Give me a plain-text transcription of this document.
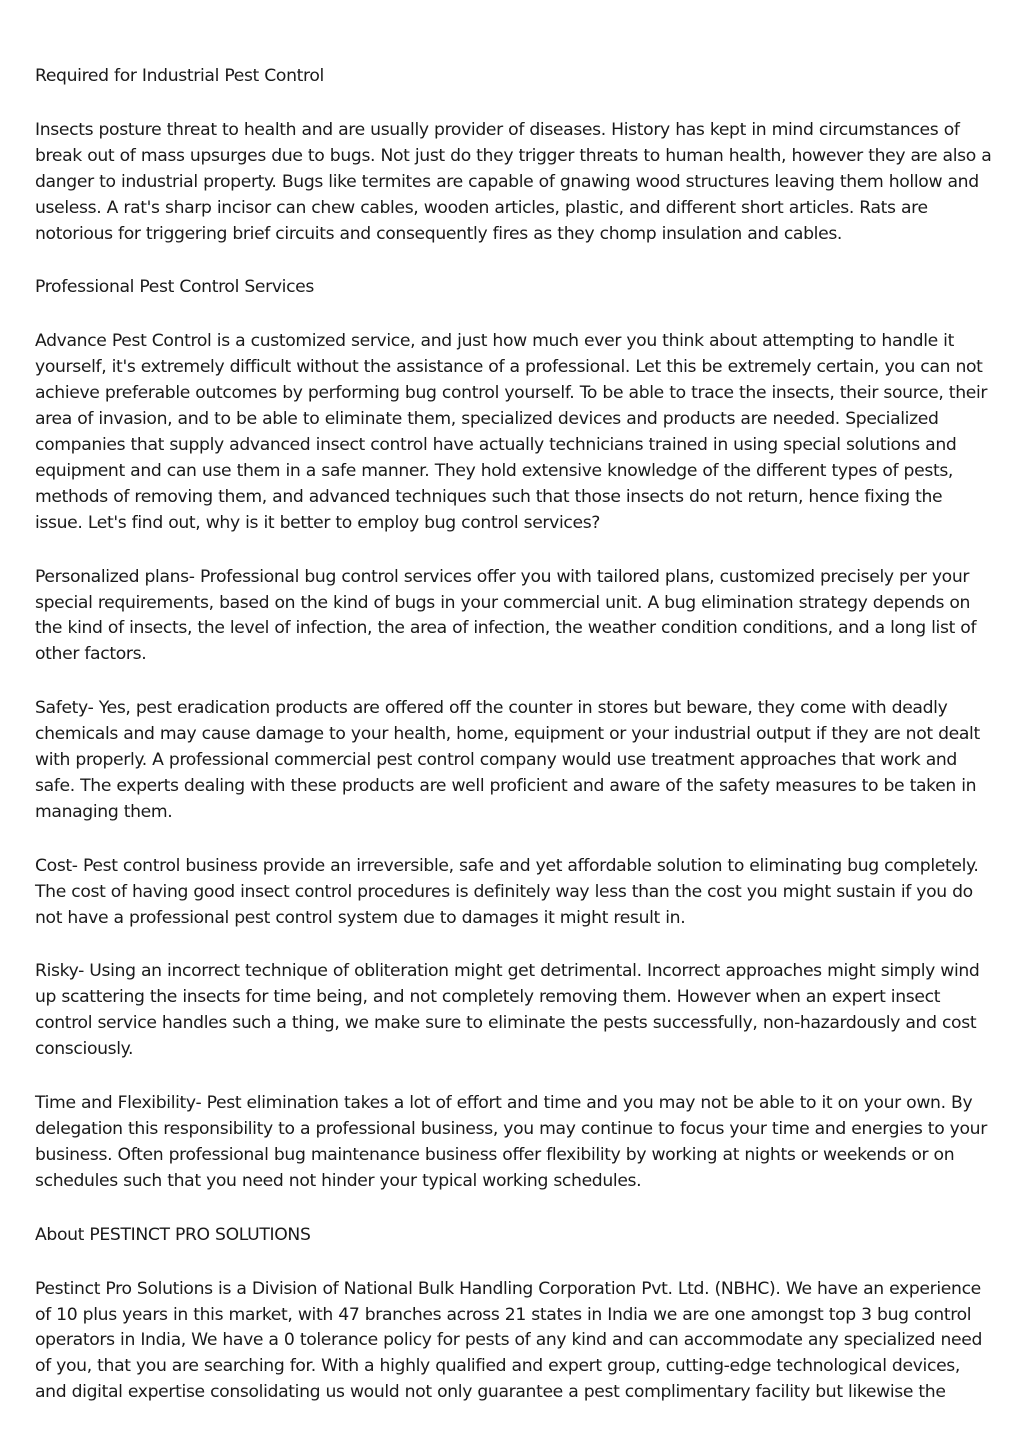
Required for Industrial Pest Control

Insects posture threat to health and are usually provider of diseases. History has kept in mind circumstances of break out of mass upsurges due to bugs. Not just do they trigger threats to human health, however they are also a danger to industrial property. Bugs like termites are capable of gnawing wood structures leaving them hollow and useless. A rat's sharp incisor can chew cables, wooden articles, plastic, and different short articles. Rats are notorious for triggering brief circuits and consequently fires as they chomp insulation and cables.

Professional Pest Control Services

Advance Pest Control is a customized service, and just how much ever you think about attempting to handle it yourself, it's extremely difficult without the assistance of a professional. Let this be extremely certain, you can not achieve preferable outcomes by performing bug control yourself. To be able to trace the insects, their source, their area of invasion, and to be able to eliminate them, specialized devices and products are needed. Specialized companies that supply advanced insect control have actually technicians trained in using special solutions and equipment and can use them in a safe manner. They hold extensive knowledge of the different types of pests, methods of removing them, and advanced techniques such that those insects do not return, hence fixing the issue. Let's find out, why is it better to employ bug control services?

Personalized plans- Professional bug control services offer you with tailored plans, customized precisely per your special requirements, based on the kind of bugs in your commercial unit. A bug elimination strategy depends on the kind of insects, the level of infection, the area of infection, the weather condition conditions, and a long list of other factors.

Safety- Yes, pest eradication products are offered off the counter in stores but beware, they come with deadly chemicals and may cause damage to your health, home, equipment or your industrial output if they are not dealt with properly. A professional commercial pest control company would use treatment approaches that work and safe. The experts dealing with these products are well proficient and aware of the safety measures to be taken in managing them.

Cost- Pest control business provide an irreversible, safe and yet affordable solution to eliminating bug completely. The cost of having good insect control procedures is definitely way less than the cost you might sustain if you do not have a professional pest control system due to damages it might result in.

Risky- Using an incorrect technique of obliteration might get detrimental. Incorrect approaches might simply wind up scattering the insects for time being, and not completely removing them. However when an expert insect control service handles such a thing, we make sure to eliminate the pests successfully, non-hazardously and cost consciously.

Time and Flexibility- Pest elimination takes a lot of effort and time and you may not be able to it on your own. By delegation this responsibility to a professional business, you may continue to focus your time and energies to your business. Often professional bug maintenance business offer flexibility by working at nights or weekends or on schedules such that you need not hinder your typical working schedules.

About PESTINCT PRO SOLUTIONS

Pestinct Pro Solutions is a Division of National Bulk Handling Corporation Pvt. Ltd. (NBHC). We have an experience of 10 plus years in this market, with 47 branches across 21 states in India we are one amongst top 3 bug control operators in India, We have a 0 tolerance policy for pests of any kind and can accommodate any specialized need of you, that you are searching for. With a highly qualified and expert group, cutting-edge technological devices, and digital expertise consolidating us would not only guarantee a pest complimentary facility but likewise the
